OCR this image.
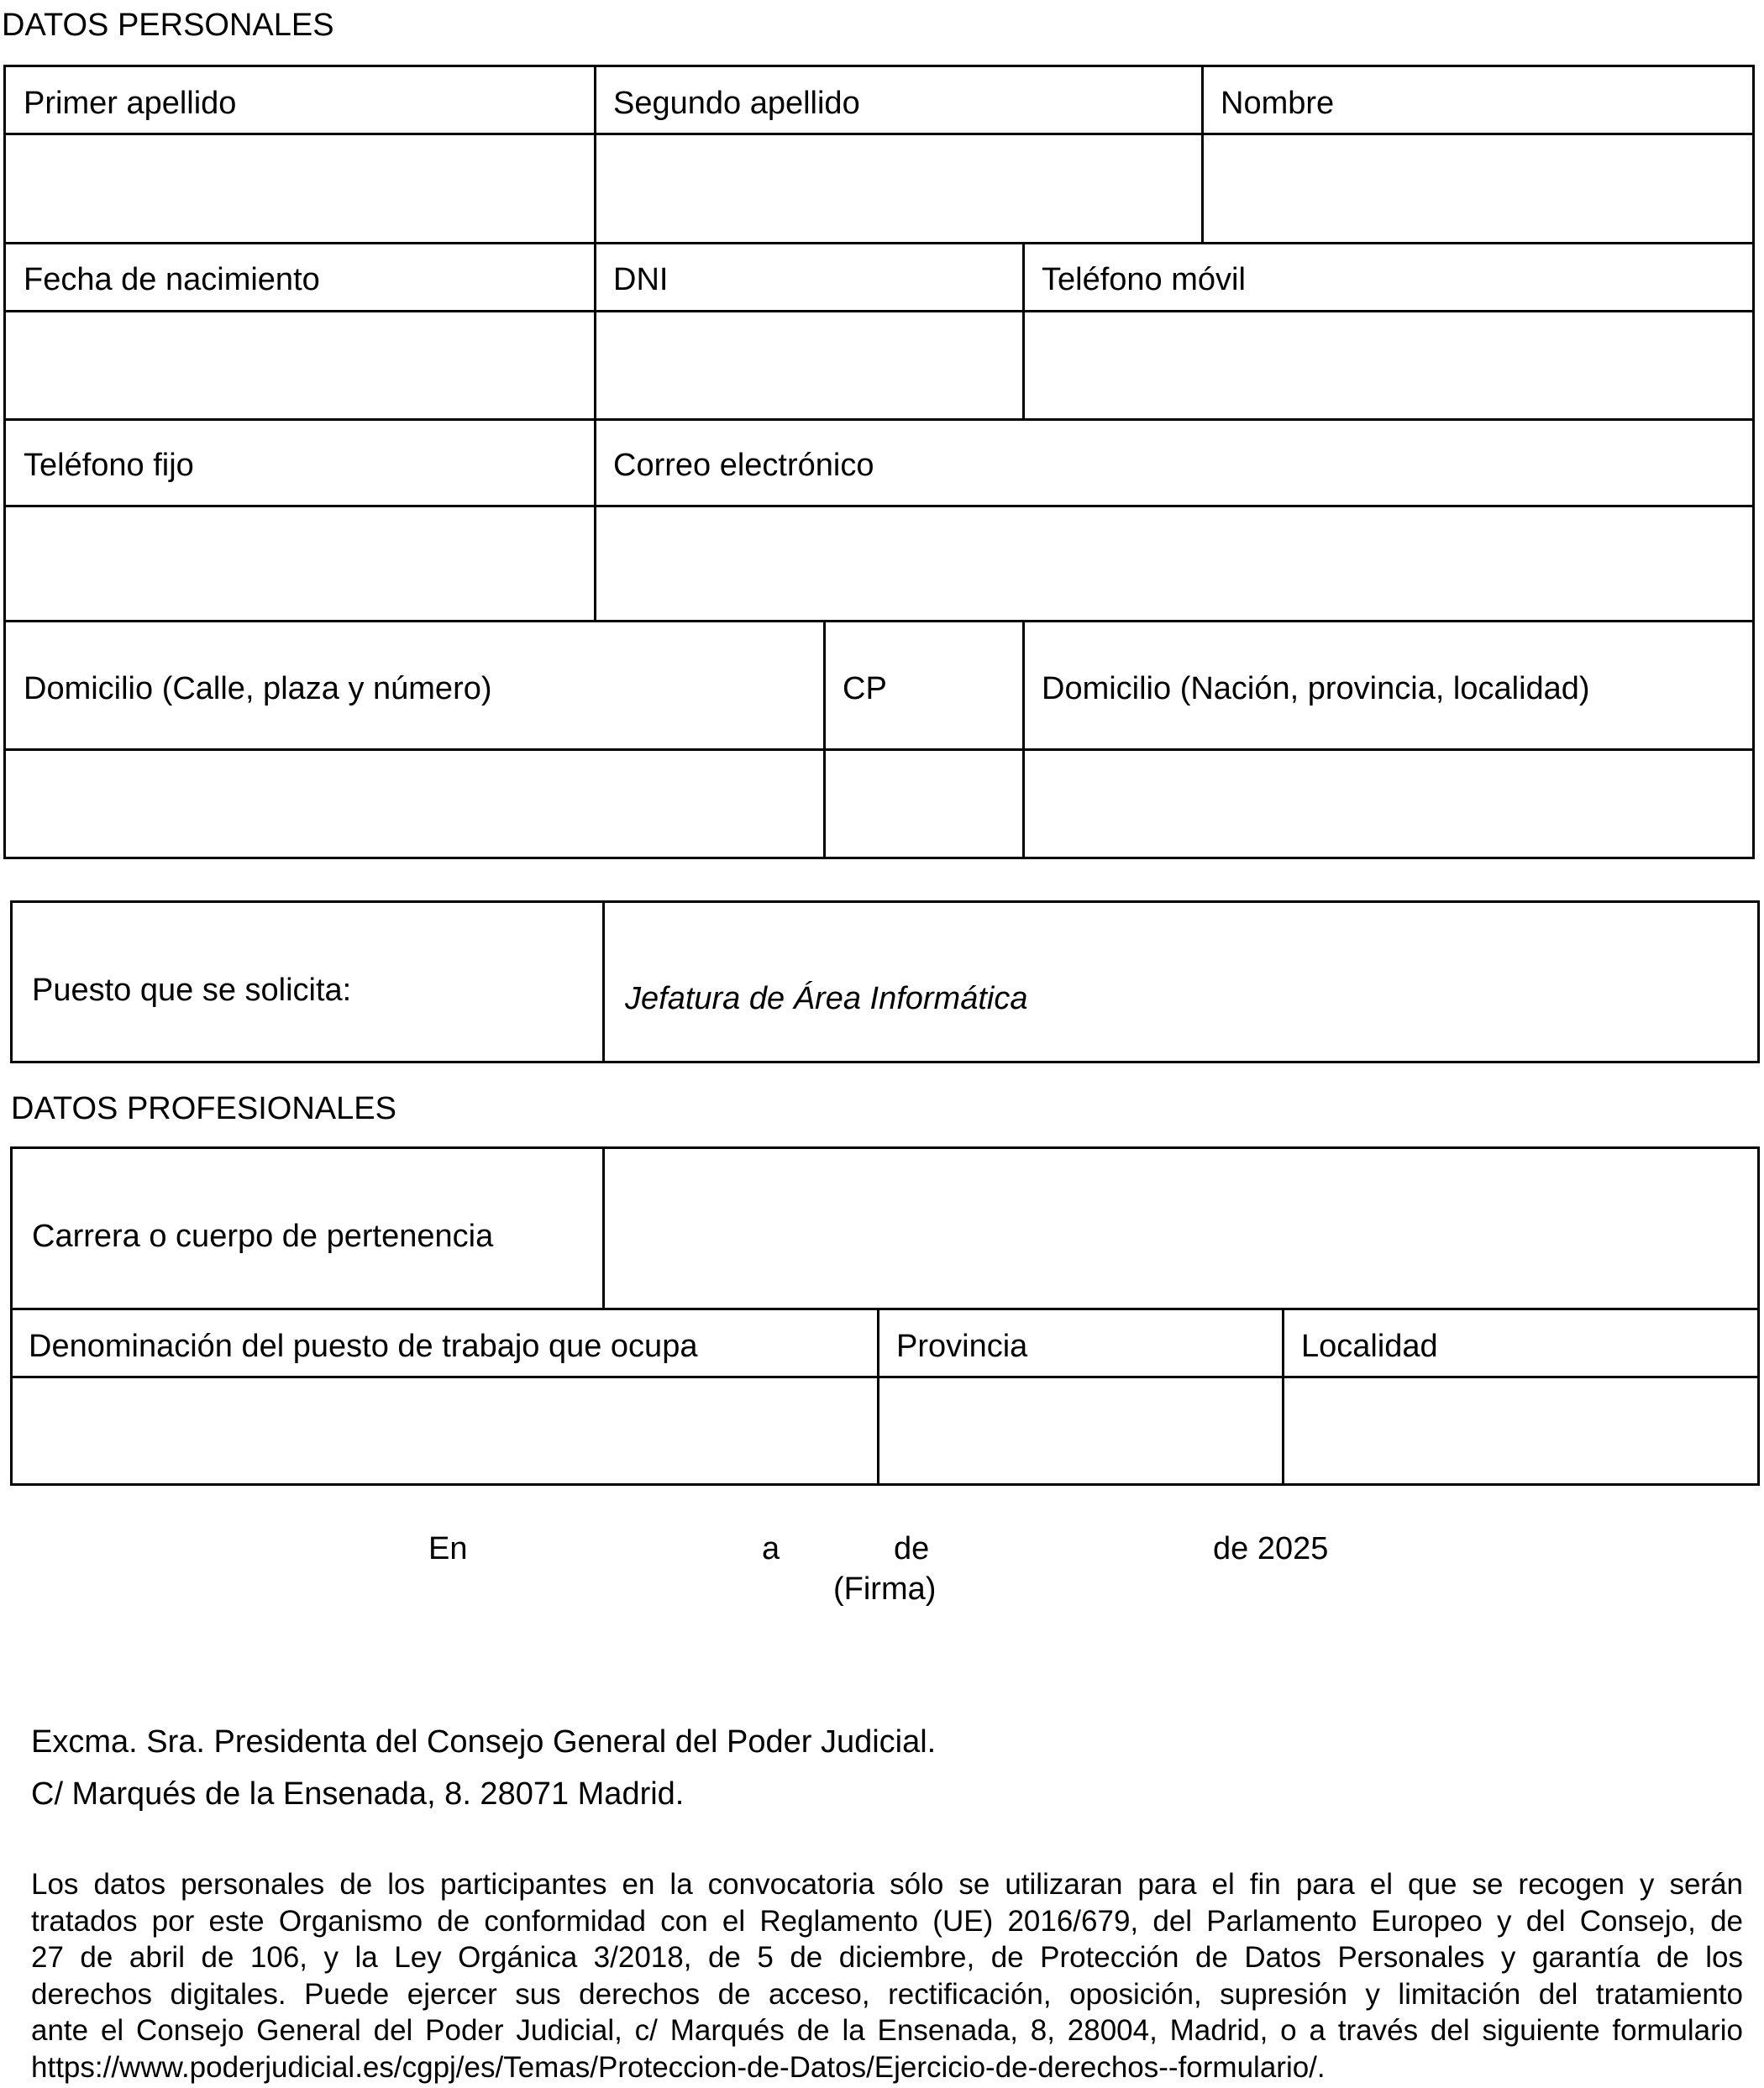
DATOS PERSONALES
Primer apellido	Segundo apellido	Nombre
Fecha de nacimiento	DNI	Teléfono móvil
Teléfono fijo	Correo electrónico
Domicilio (Calle, plaza y número)	CP	Domicilio (Nación, provincia, localidad)
Puesto que se solicita:	Jefatura de Área Informática
DATOS PROFESIONALES
Carrera o cuerpo de pertenencia
Denominación del puesto de trabajo que ocupa	Provincia	Localidad
En	a	de	de 2025
(Firma)
Excma. Sra. Presidenta del Consejo General del Poder Judicial.
C/ Marqués de la Ensenada, 8. 28071 Madrid.
Los datos personales de los participantes en la convocatoria sólo se utilizaran para el fin para el que se recogen y serán
tratados por este Organismo de conformidad con el Reglamento (UE) 2016/679, del Parlamento Europeo y del Consejo, de
27 de abril de 106, y la Ley Orgánica 3/2018, de 5 de diciembre, de Protección de Datos Personales y garantía de los
derechos digitales. Puede ejercer sus derechos de acceso, rectificación, oposición, supresión y limitación del tratamiento
ante el Consejo General del Poder Judicial, c/ Marqués de la Ensenada, 8, 28004, Madrid, o a través del siguiente formulario
https://www.poderjudicial.es/cgpj/es/Temas/Proteccion-de-Datos/Ejercicio-de-derechos--formulario/.
